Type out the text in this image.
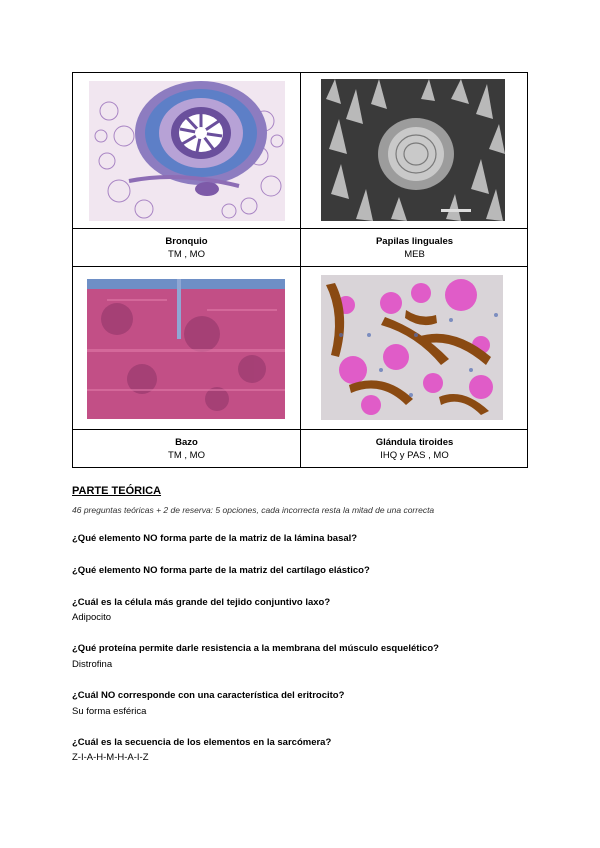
Bronquio
TM , MO
Papilas linguales
MEB
Bazo
TM , MO
Glándula tiroides
IHQ y PAS , MO

PARTE TEÓRICA

46 preguntas teóricas + 2 de reserva: 5 opciones, cada incorrecta resta la mitad de una correcta

¿Qué elemento NO forma parte de la matriz de la lámina basal?
¿Qué elemento NO forma parte de la matriz del cartílago elástico?
¿Cuál es la célula más grande del tejido conjuntivo laxo?
Adipocito
¿Qué proteína permite darle resistencia a la membrana del músculo esquelético?
Distrofina
¿Cuál NO corresponde con una característica del eritrocito?
Su forma esférica
¿Cuál es la secuencia de los elementos en la sarcómera?
Z-I-A-H-M-H-A-I-Z
